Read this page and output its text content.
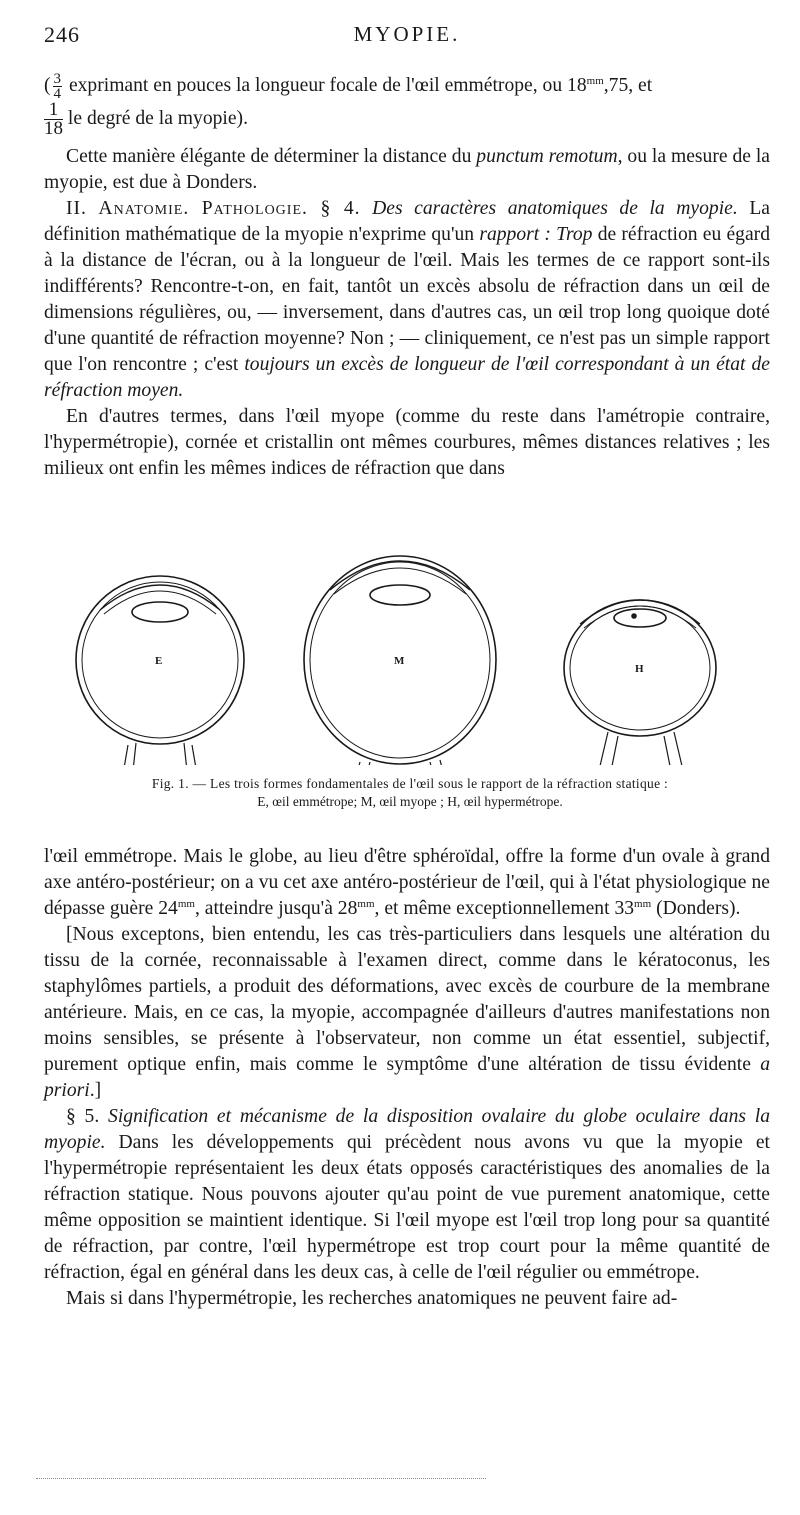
246	MYOPIE.

( $\frac{3}{4}$ exprimant en pouces la longueur focale de l'œil emmétrope, ou $18^{mm},75$, et

$\frac{1}{18}$ le degré de la myopie).

Cette manière élégante de déterminer la distance du punctum remotum, ou la mesure de la myopie, est due à Donders.

II. Anatomie. Pathologie. § 4. Des caractères anatomiques de la myopie. La définition mathématique de la myopie n'exprime qu'un rapport : Trop de réfraction eu égard à la distance de l'écran, ou à la longueur de l'œil. Mais les termes de ce rapport sont-ils indifférents? Rencontre-t-on, en fait, tantôt un excès absolu de réfraction dans un œil de dimensions régulières, ou, — inversement, dans d'autres cas, un œil trop long quoique doté d'une quantité de réfraction moyenne? Non ; — cliniquement, ce n'est pas un simple rapport que l'on rencontre ; c'est toujours un excès de longueur de l'œil correspondant à un état de réfraction moyen.

En d'autres termes, dans l'œil myope (comme du reste dans l'amétropie contraire, l'hypermétropie), cornée et cristallin ont mêmes courbures, mêmes distances relatives ; les milieux ont enfin les mêmes indices de réfraction que dans

E	M
H
Fig. 1. — Les trois formes fondamentales de l'œil sous le rapport de la réfraction statique :
E, œil emmétrope; M, œil myope ; H, œil hypermétrope.

l'œil emmétrope. Mais le globe, au lieu d'être sphéroïdal, offre la forme d'un ovale à grand axe antéro-postérieur; on a vu cet axe antéro-postérieur de l'œil, qui à l'état physiologique ne dépasse guère $24^{mm}$, atteindre jusqu'à $28^{mm}$, et même exceptionnellement $33^{mm}$ (Donders).

[Nous exceptons, bien entendu, les cas très-particuliers dans lesquels une altération du tissu de la cornée, reconnaissable à l'examen direct, comme dans le kératoconus, les staphylômes partiels, a produit des déformations, avec excès de courbure de la membrane antérieure. Mais, en ce cas, la myopie, accompagnée d'ailleurs d'autres manifestations non moins sensibles, se présente à l'observateur, non comme un état essentiel, subjectif, purement optique enfin, mais comme le symptôme d'une altération de tissu évidente a priori.]

§ 5. Signification et mécanisme de la disposition ovalaire du globe oculaire dans la myopie. Dans les développements qui précèdent nous avons vu que la myopie et l'hypermétropie représentaient les deux états opposés caractéristiques des anomalies de la réfraction statique. Nous pouvons ajouter qu'au point de vue purement anatomique, cette même opposition se maintient identique. Si l'œil myope est l'œil trop long pour sa quantité de réfraction, par contre, l'œil hypermétrope est trop court pour la même quantité de réfraction, égal en général dans les deux cas, à celle de l'œil régulier ou emmétrope.

Mais si dans l'hypermétropie, les recherches anatomiques ne peuvent faire ad-
